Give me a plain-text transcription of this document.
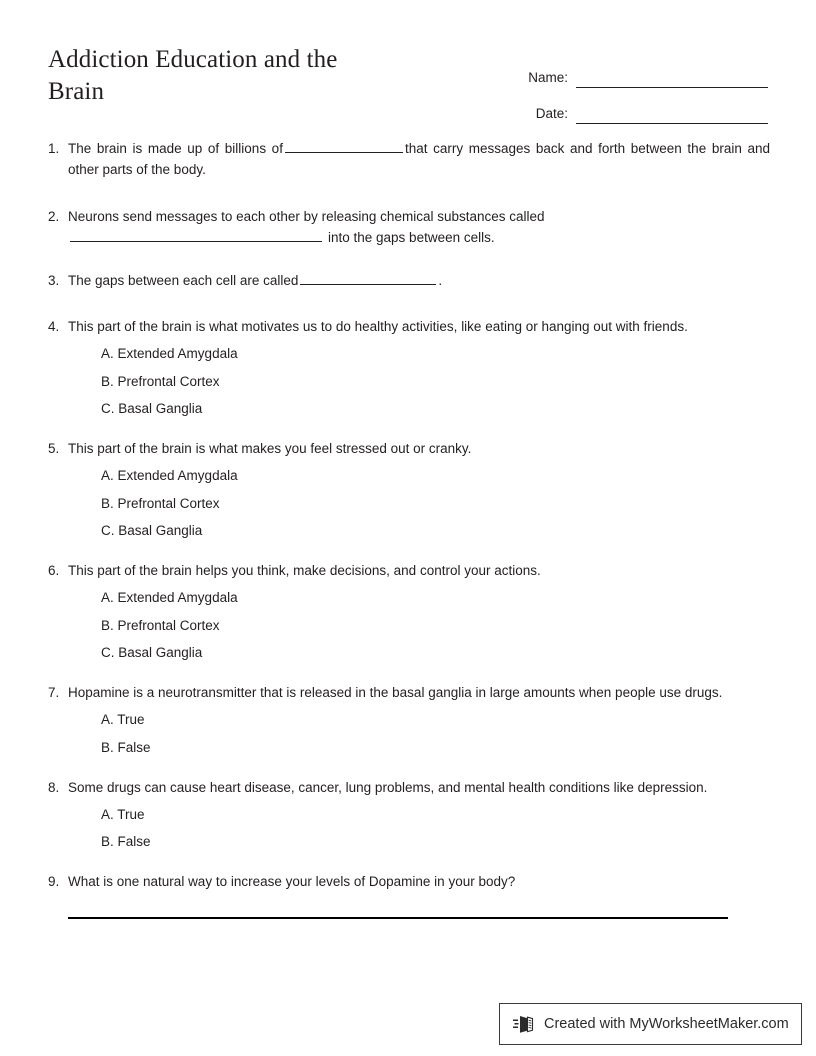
Addiction Education and the Brain
Name:
Date:
1. The brain is made up of billions of	that carry messages back and forth between the brain and other parts of the body.
2. Neurons send messages to each other by releasing chemical substances called
into the gaps between cells.
3. The gaps between each cell are called	.
4. This part of the brain is what motivates us to do healthy activities, like eating or hanging out with friends.
A. Extended Amygdala
B. Prefrontal Cortex
C. Basal Ganglia
5. This part of the brain is what makes you feel stressed out or cranky.
A. Extended Amygdala
B. Prefrontal Cortex
C. Basal Ganglia
6. This part of the brain helps you think, make decisions, and control your actions.
A. Extended Amygdala
B. Prefrontal Cortex
C. Basal Ganglia
7. Hopamine is a neurotransmitter that is released in the basal ganglia in large amounts when people use drugs.
A. True
B. False
8. Some drugs can cause heart disease, cancer, lung problems, and mental health conditions like depression.
A. True
B. False
9. What is one natural way to increase your levels of Dopamine in your body?
Created with MyWorksheetMaker.com
